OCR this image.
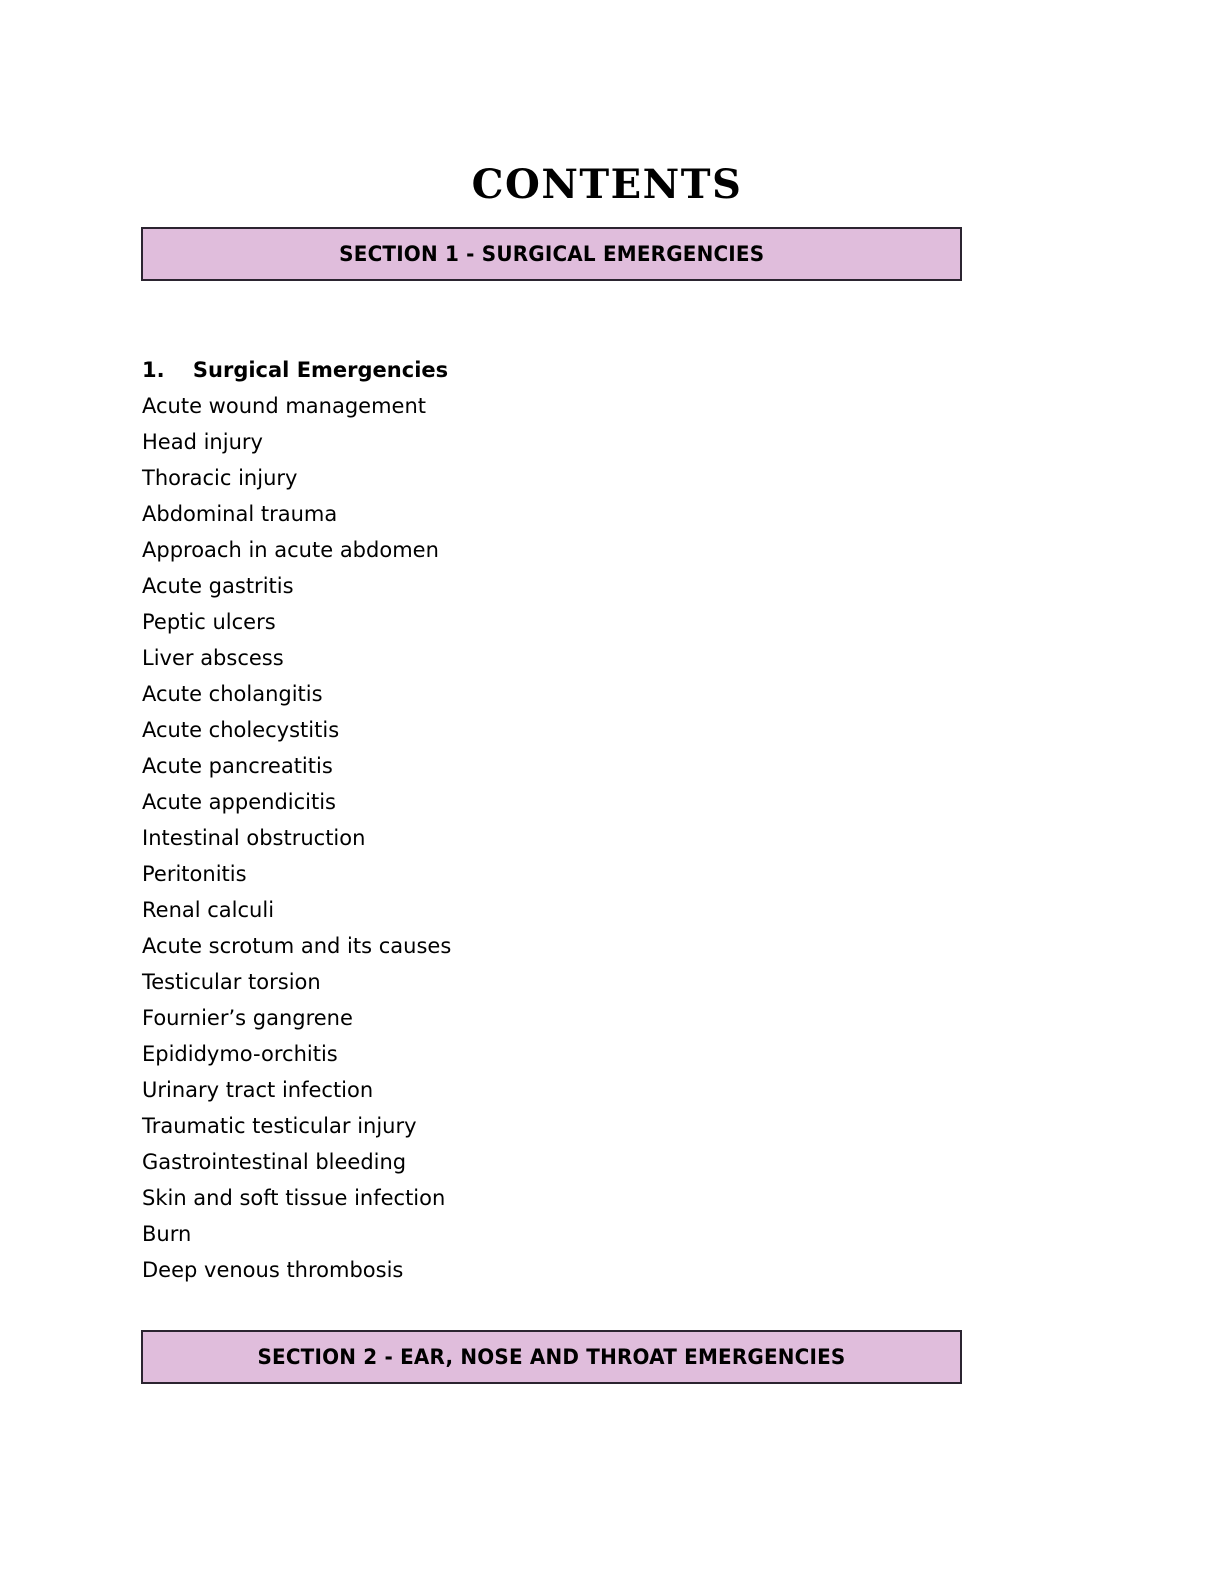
CONTENTS
SECTION 1 - SURGICAL EMERGENCIES
1.  Surgical Emergencies
Acute wound management
Head injury
Thoracic injury
Abdominal trauma
Approach in acute abdomen
Acute gastritis
Peptic ulcers
Liver abscess
Acute cholangitis
Acute cholecystitis
Acute pancreatitis
Acute appendicitis
Intestinal obstruction
Peritonitis
Renal calculi
Acute scrotum and its causes
Testicular torsion
Fournier’s gangrene
Epididymo-orchitis
Urinary tract infection
Traumatic testicular injury
Gastrointestinal bleeding
Skin and soft tissue infection
Burn
Deep venous thrombosis
SECTION 2 - EAR, NOSE AND THROAT EMERGENCIES
